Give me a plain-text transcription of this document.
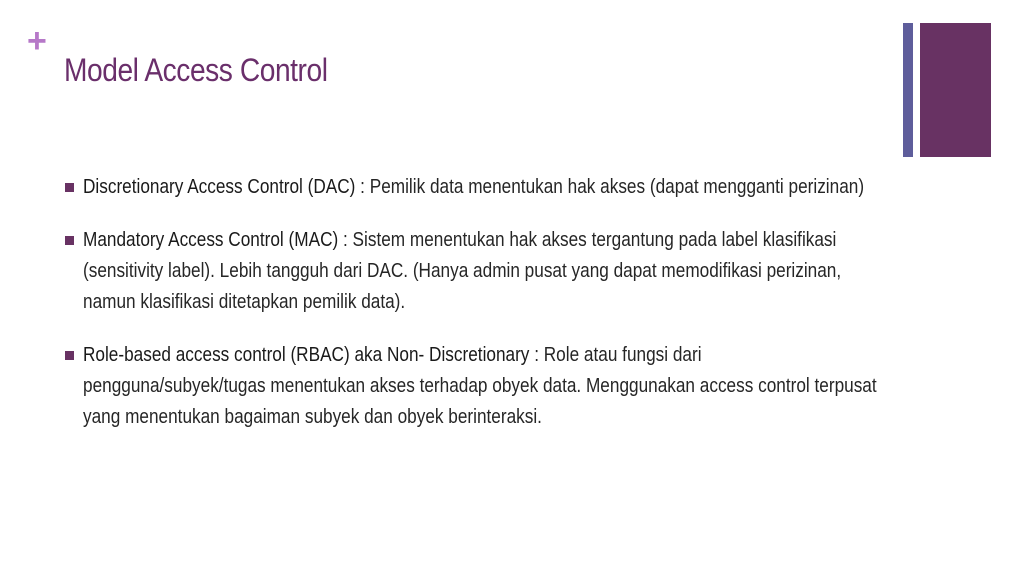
+
Model Access Control
Discretionary Access Control (DAC) : Pemilik data menentukan hak akses (dapat mengganti perizinan)
Mandatory Access Control (MAC) : Sistem menentukan hak akses tergantung pada label klasifikasi (sensitivity label). Lebih tangguh dari DAC. (Hanya admin pusat yang dapat memodifikasi perizinan, namun klasifikasi ditetapkan pemilik data).
Role-based access control (RBAC) aka Non- Discretionary : Role atau fungsi dari pengguna/subyek/tugas menentukan akses terhadap obyek data. Menggunakan access control terpusat yang menentukan bagaiman subyek dan obyek berinteraksi.
